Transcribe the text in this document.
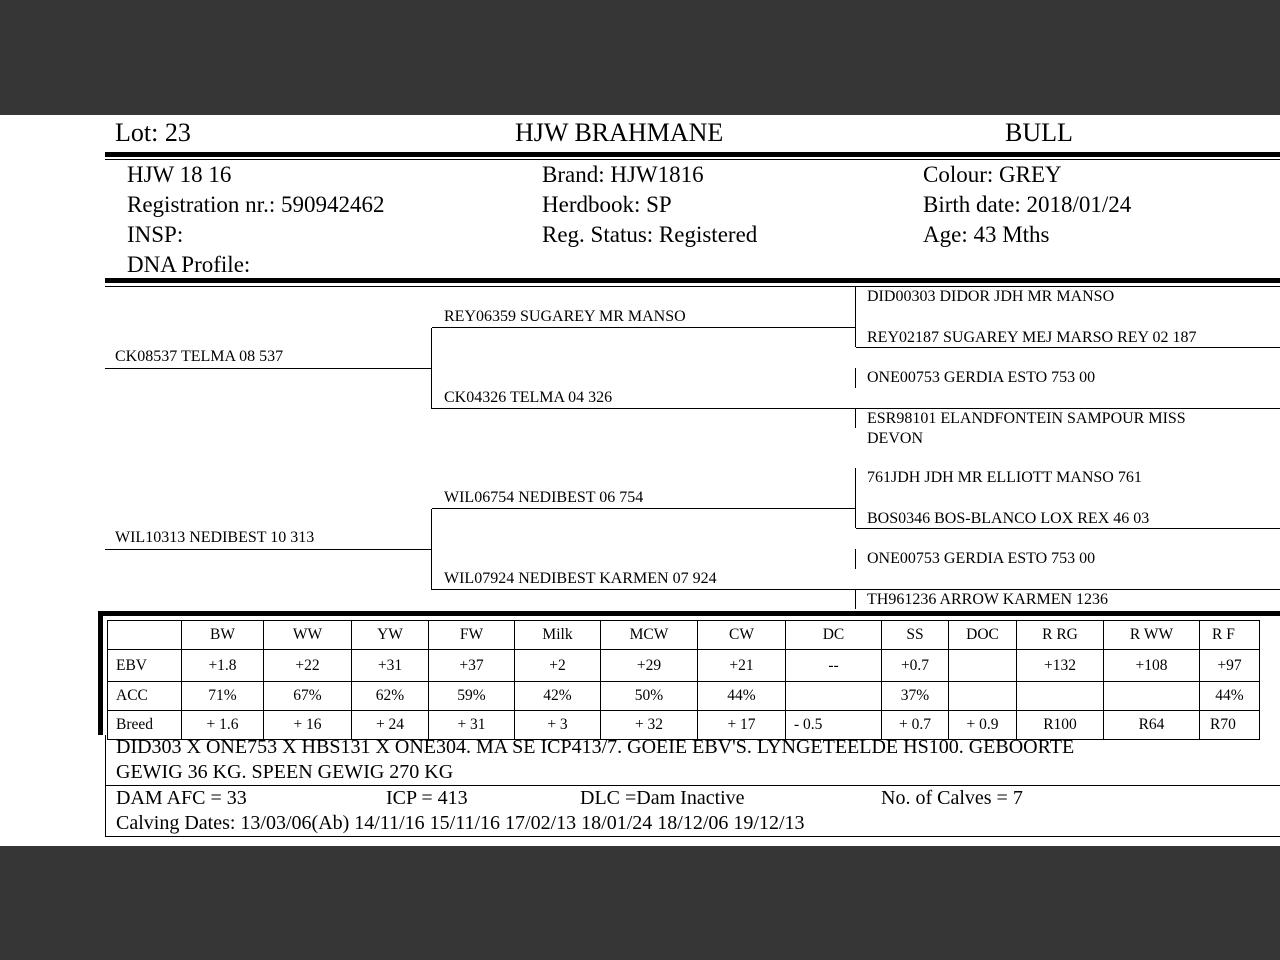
Lot: 23	HJW BRAHMANE	BULL
HJW 18 16
Registration nr.: 590942462
INSP:
DNA Profile:
Brand: HJW1816
Herdbook: SP
Reg. Status: Registered
Colour: GREY
Birth date: 2018/01/24
Age: 43 Mths
CK08537 TELMA 08 537
WIL10313 NEDIBEST 10 313
REY06359 SUGAREY MR MANSO
CK04326 TELMA 04 326
WIL06754 NEDIBEST 06 754
WIL07924 NEDIBEST KARMEN 07 924
DID00303 DIDOR JDH MR MANSO
REY02187 SUGAREY MEJ MARSO REY 02 187
ONE00753 GERDIA ESTO 753 00
ESR98101 ELANDFONTEIN SAMPOUR MISS
DEVON
761JDH JDH MR ELLIOTT MANSO 761
BOS0346 BOS-BLANCO LOX REX 46 03
ONE00753 GERDIA ESTO 753 00
TH961236 ARROW KARMEN 1236
	BW	WW	YW	FW	Milk	MCW	CW	DC	SS	DOC	R RG	R WW	R F
EBV	+1.8	+22	+31	+37	+2	+29	+21	--	+0.7		+132	+108	+97
ACC	71%	67%	62%	59%	42%	50%	44%		37%				44%
Breed	+ 1.6	+ 16	+ 24	+ 31	+ 3	+ 32	+ 17	- 0.5	+ 0.7	+ 0.9	R100	R64	R70
DID303 X ONE753 X HBS131 X ONE304. MA SE ICP413/7. GOEIE EBV'S. LYNGETEELDE HS100. GEBOORTE
GEWIG 36 KG. SPEEN GEWIG 270 KG
DAM AFC = 33	ICP = 413	DLC =Dam Inactive	No. of Calves = 7
Calving Dates: 13/03/06(Ab) 14/11/16 15/11/16 17/02/13 18/01/24 18/12/06 19/12/13
